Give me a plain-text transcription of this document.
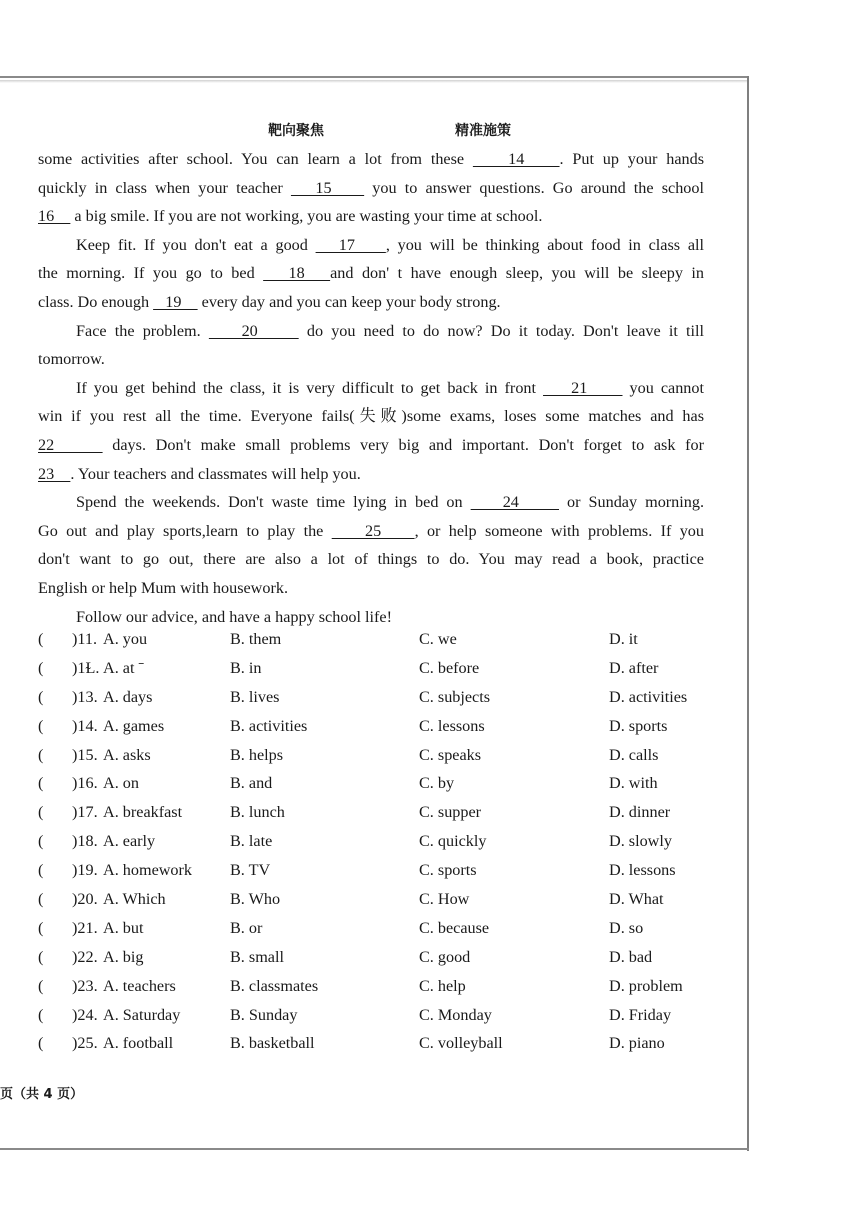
靶向聚焦	精准施策
some activities after school. You can learn a lot from these     14    . Put up your hands
quickly in class when your teacher    15     you to answer questions. Go around the school
16     a big smile. If you are not working, you are wasting your time at school.
Keep fit. If you don't eat a good    17    , you will be thinking about food in class all
the morning. If you go to bed    18   and don' t have enough sleep, you will be sleepy in
class. Do enough    19     every day and you can keep your body strong.
Face the problem.     20      do you need to do now? Do it today. Don't leave it till
tomorrow.
If you get behind the class, it is very difficult to get back in front     21      you cannot
win if you rest all the time. Everyone fails(失败)some exams, loses some matches and has
22      days. Don't make small problems very big and important. Don't forget to ask for
23    . Your teachers and classmates will help you.
Spend the weekends. Don't waste time lying in bed on     24      or Sunday morning.
Go out and play sports,learn to play the     25    , or help someone with problems. If you
don't want to go out, there are also a lot of things to do. You may read a book, practice
English or help Mum with housework.
Follow our advice, and have a happy school life!
( )11. A. you	B. them	C. we	D. it
( )1Ɫ. A. at ˉ	B. in	C. before	D. after
( )13. A. days	B. lives	C. subjects	D. activities
( )14. A. games	B. activities	C. lessons	D. sports
( )15. A. asks	B. helps	C. speaks	D. calls
( )16. A. on	B. and	C. by	D. with
( )17. A. breakfast	B. lunch	C. supper	D. dinner
( )18. A. early	B. late	C. quickly	D. slowly
( )19. A. homework B. TV	C. sports	D. lessons
( )20. A. Which	B. Who	C. How	D. What
( )21. A. but	B. or	C. because	D. so
( )22. A. big	B. small	C. good	D. bad
( )23. A. teachers	B. classmates	C. help	D. problem
( )24. A. Saturday	B. Sunday	C. Monday	D. Friday
( )25. A. football	B. basketball	C. volleyball	D. piano
页（共 4 页）
